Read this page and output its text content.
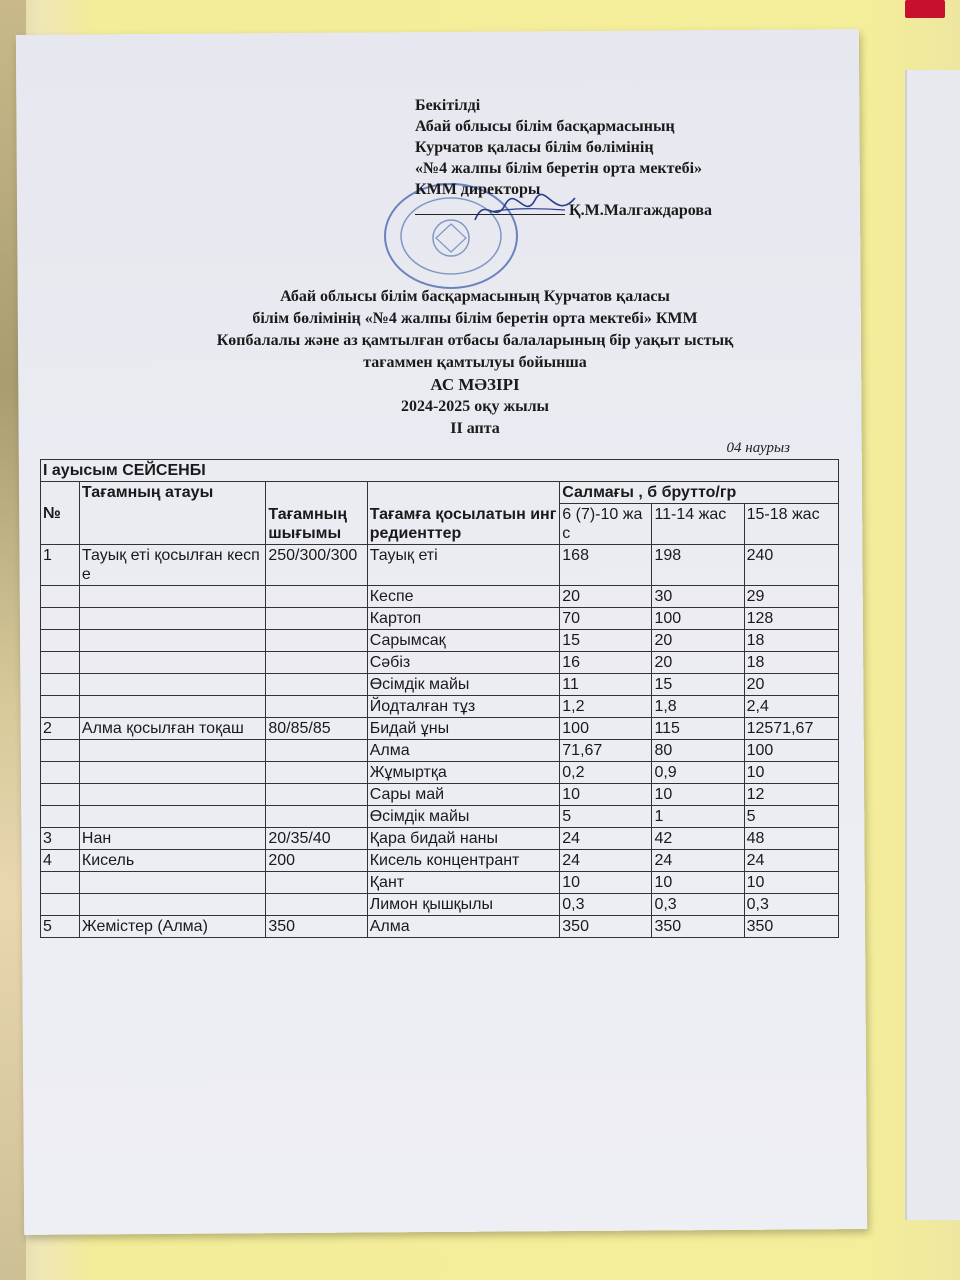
Бекітілді
Абай облысы білім басқармасының
Курчатов қаласы білім бөлімінің
«№4 жалпы білім беретін орта мектебі»
КММ директоры
Қ.М.Малгаждарова
Абай облысы білім басқармасының Курчатов қаласы
білім бөлімінің «№4 жалпы білім беретін орта мектебі» КММ
Көпбалалы және аз қамтылған отбасы балаларының бір уақыт ыстық
тағаммен қамтылуы бойынша
АС МӘЗІРІ
2024-2025 оқу жылы
ІІ апта
04 наурыз
І ауысым СЕЙСЕНБІ						
№	Тағамның атауы	Тағамның шығымы	Тағамға қосылатын ингредиенттер	Салмағы , б брутто/гр		
				6 (7)-10 жас	11-14 жас	15-18 жас
1	Тауық еті қосылған кеспе	250/300/300	Тауық еті	168	198	240
			Кеспе	20	30	29
			Картоп	70	100	128
			Сарымсақ	15	20	18
			Сәбіз	16	20	18
			Өсімдік майы	11	15	20
			Йодталған тұз	1,2	1,8	2,4
2	Алма қосылған тоқаш	80/85/85	Бидай ұны	100	115	12571,67
			Алма	71,67	80	100
			Жұмыртқа	0,2	0,9	10
			Сары май	10	10	12
			Өсімдік майы	5	1	5
3	Нан	20/35/40	Қара бидай наны	24	42	48
4	Кисель	200	Кисель концентрант	24	24	24
			Қант	10	10	10
			Лимон қышқылы	0,3	0,3	0,3
5	Жемістер (Алма)	350	Алма	350	350	350
